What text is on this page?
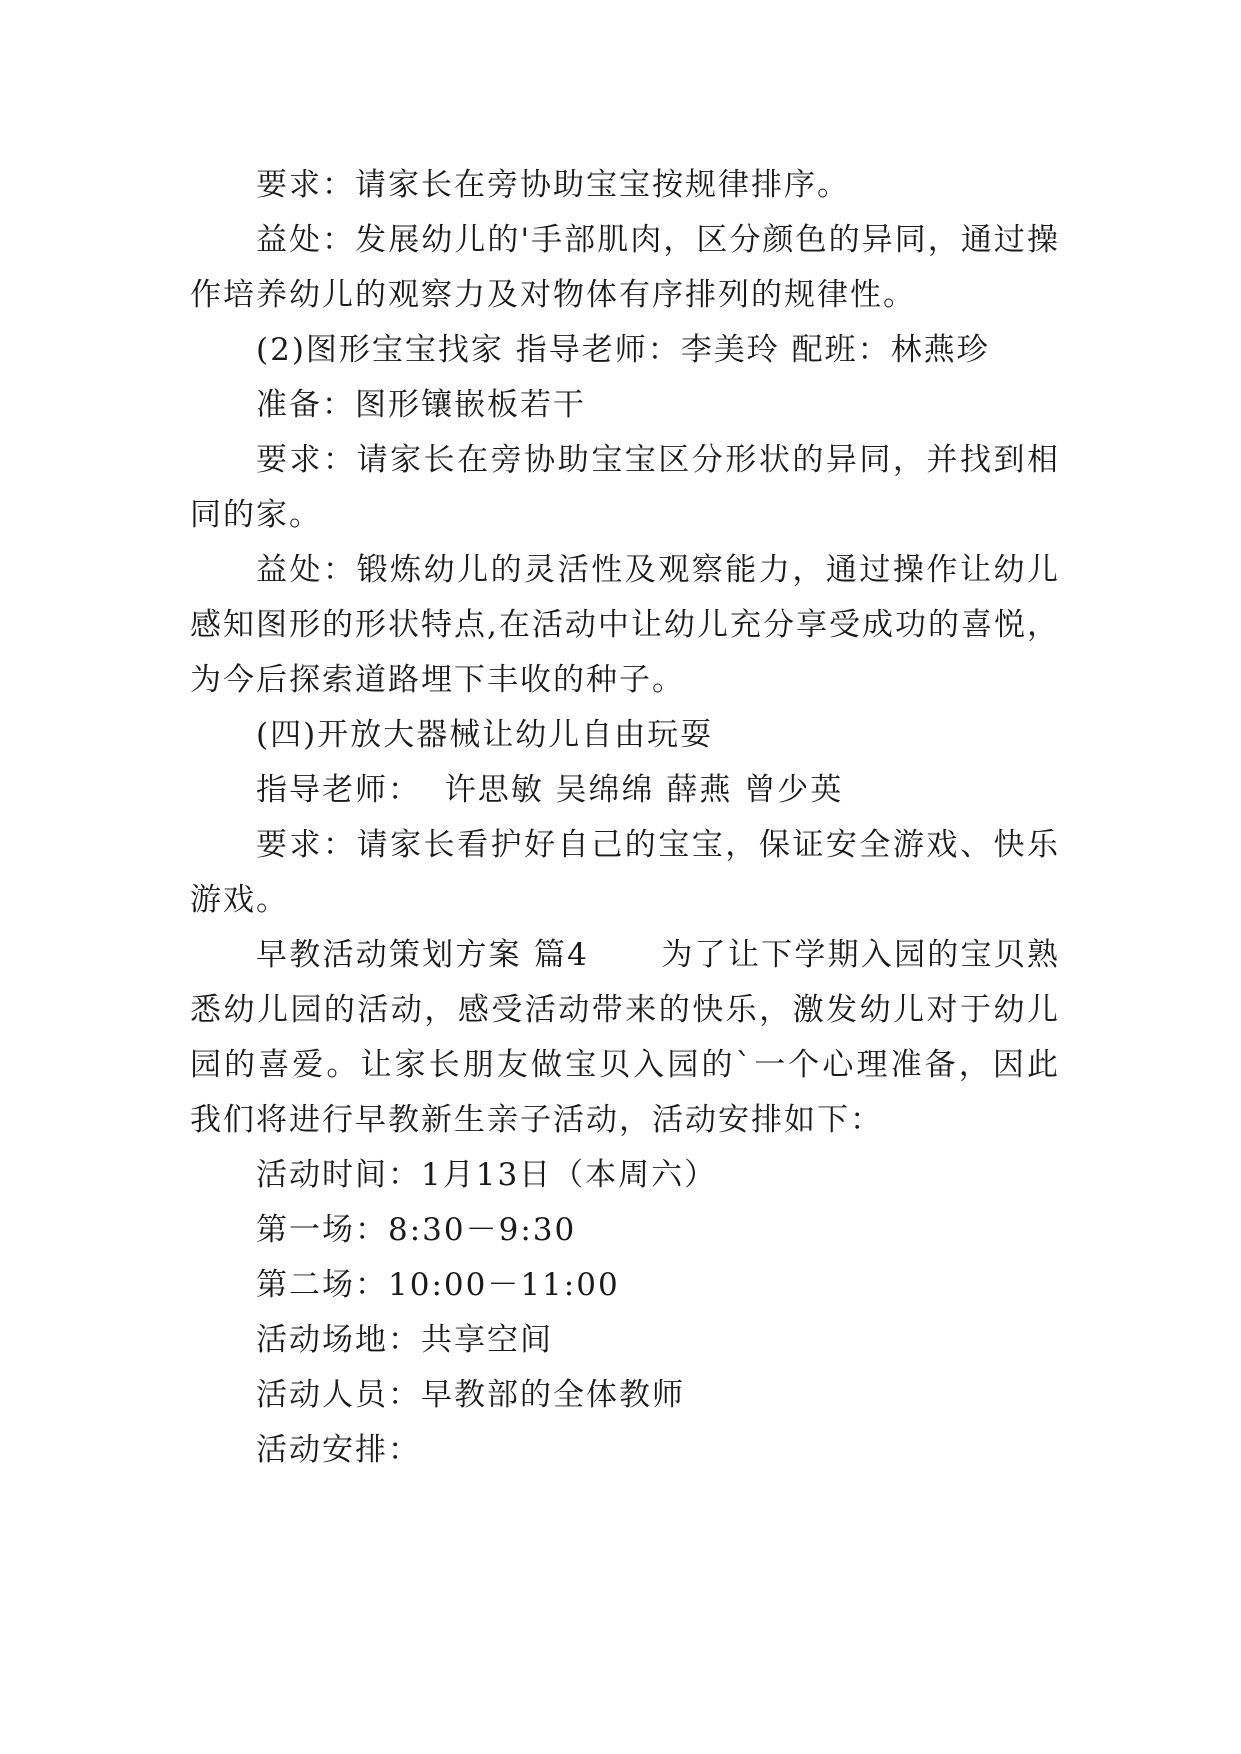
要求：请家长在旁协助宝宝按规律排序。

益处：发展幼儿的'手部肌肉，区分颜色的异同，通过操作培养幼儿的观察力及对物体有序排列的规律性。

(2)图形宝宝找家 指导老师：李美玲 配班：林燕珍

准备：图形镶嵌板若干

要求：请家长在旁协助宝宝区分形状的异同，并找到相同的家。

益处：锻炼幼儿的灵活性及观察能力，通过操作让幼儿感知图形的形状特点,在活动中让幼儿充分享受成功的喜悦，为今后探索道路埋下丰收的种子。

(四)开放大器械让幼儿自由玩耍

指导老师：  许思敏 吴绵绵 薛燕 曾少英

要求：请家长看护好自己的宝宝，保证安全游戏、快乐游戏。

早教活动策划方案 篇4      为了让下学期入园的宝贝熟悉幼儿园的活动，感受活动带来的快乐，激发幼儿对于幼儿园的喜爱。让家长朋友做宝贝入园的`一个心理准备，因此我们将进行早教新生亲子活动，活动安排如下：

活动时间：1月13日（本周六）

第一场：8:30－9:30

第二场：10:00－11:00

活动场地：共享空间

活动人员：早教部的全体教师

活动安排：
